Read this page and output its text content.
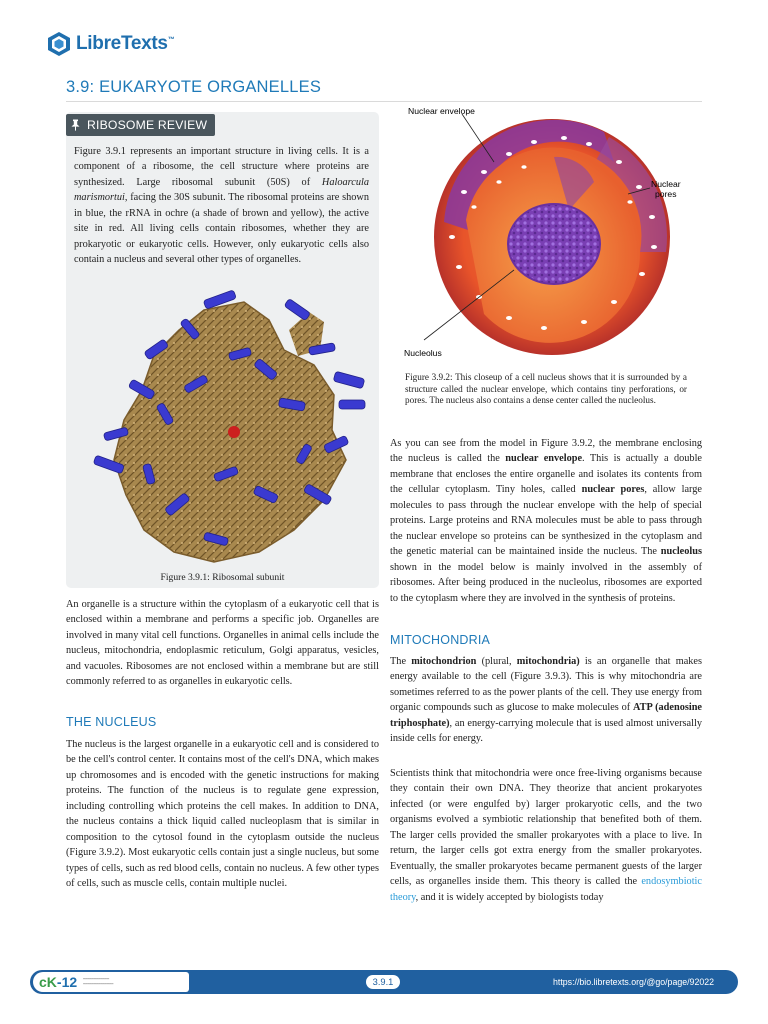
LibreTexts™
3.9: EUKARYOTE ORGANELLES
RIBOSOME REVIEW

Figure 3.9.1 represents an important structure in living cells. It is a component of a ribosome, the cell structure where proteins are synthesized. Large ribosomal subunit (50S) of Haloarcula marismortui, facing the 30S subunit. The ribosomal proteins are shown in blue, the rRNA in ochre (a shade of brown and yellow), the active site in red. All living cells contain ribosomes, whether they are prokaryotic or eukaryotic cells. However, only eukaryotic cells also contain a nucleus and several other types of organelles.

Figure 3.9.1: Ribosomal subunit

An organelle is a structure within the cytoplasm of a eukaryotic cell that is enclosed within a membrane and performs a specific job. Organelles are involved in many vital cell functions. Organelles in animal cells include the nucleus, mitochondria, endoplasmic reticulum, Golgi apparatus, vesicles, and vacuoles. Ribosomes are not enclosed within a membrane but are still commonly referred to as organelles in eukaryotic cells.

THE NUCLEUS

The nucleus is the largest organelle in a eukaryotic cell and is considered to be the cell's control center. It contains most of the cell's DNA, which makes up chromosomes and is encoded with the genetic instructions for making proteins. The function of the nucleus is to regulate gene expression, including controlling which proteins the cell makes. In addition to DNA, the nucleus contains a thick liquid called nucleoplasm that is similar in composition to the cytosol found in the cytoplasm outside the nucleus (Figure 3.9.2). Most eukaryotic cells contain just a single nucleus, but some types of cells, such as red blood cells, contain no nucleus. A few other types of cells, such as muscle cells, contain multiple nuclei.

Nuclear envelope
Nuclear
pores
Nucleolus

Figure 3.9.2: This closeup of a cell nucleus shows that it is surrounded by a structure called the nuclear envelope, which contains tiny perforations, or pores. The nucleus also contains a dense center called the nucleolus.

As you can see from the model in Figure 3.9.2, the membrane enclosing the nucleus is called the nuclear envelope. This is actually a double membrane that encloses the entire organelle and isolates its contents from the cellular cytoplasm. Tiny holes, called nuclear pores, allow large molecules to pass through the nuclear envelope with the help of special proteins. Large proteins and RNA molecules must be able to pass through the nuclear envelope so proteins can be synthesized in the cytoplasm and the genetic material can be maintained inside the nucleus. The nucleolus shown in the model below is mainly involved in the assembly of ribosomes. After being produced in the nucleolus, ribosomes are exported to the cytoplasm where they are involved in the synthesis of proteins.

MITOCHONDRIA

The mitochondrion (plural, mitochondria) is an organelle that makes energy available to the cell (Figure 3.9.3). This is why mitochondria are sometimes referred to as the power plants of the cell. They use energy from organic compounds such as glucose to make molecules of ATP (adenosine triphosphate), an energy-carrying molecule that is used almost universally inside cells for energy.

Scientists think that mitochondria were once free-living organisms because they contain their own DNA. They theorize that ancient prokaryotes infected (or were engulfed by) larger prokaryotic cells, and the two organisms evolved a symbiotic relationship that benefited both of them. The larger cells provided the smaller prokaryotes with a place to live. In return, the larger cells got extra energy from the smaller prokaryotes. Eventually, the smaller prokaryotes became permanent guests of the larger cells, as organelles inside them. This theory is called the endosymbiotic theory, and it is widely accepted by biologists today

cK-12 ━━━━━━━━━━━━
━━━━━━━━━━━━━━	3.9.1	https://bio.libretexts.org/@go/page/92022
